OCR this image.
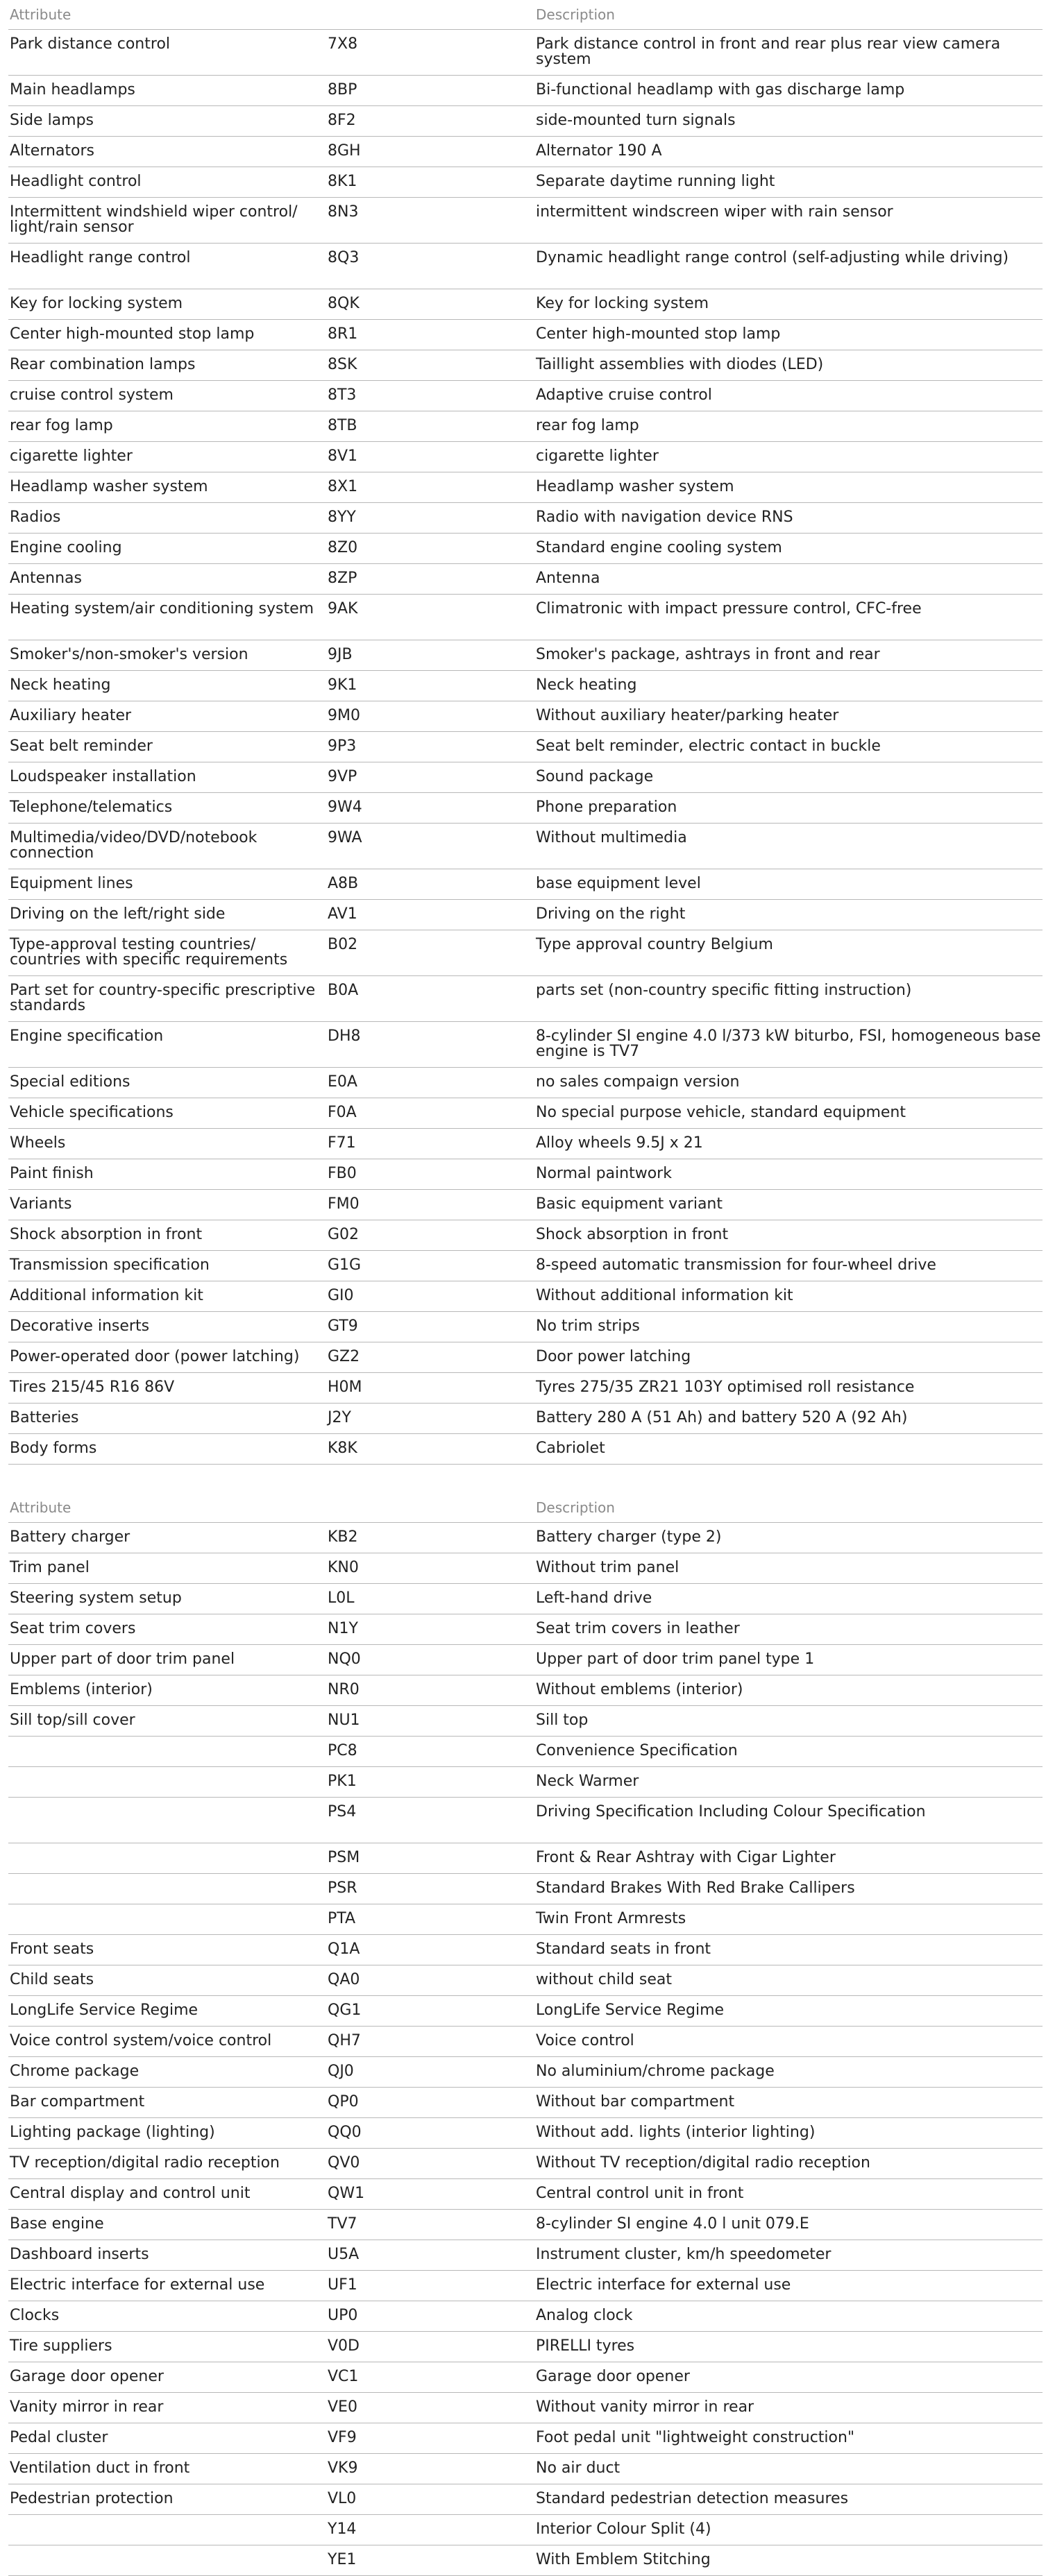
Attribute		Description
Park distance control	7X8	Park distance control in front and rear plus rear view camera system
Main headlamps	8BP	Bi-functional headlamp with gas discharge lamp
Side lamps	8F2	side-mounted turn signals
Alternators	8GH	Alternator 190 A
Headlight control	8K1	Separate daytime running light
Intermittent windshield wiper control/ light/rain sensor	8N3	intermittent windscreen wiper with rain sensor
Headlight range control	8Q3	Dynamic headlight range control (self-adjusting while driving)
Key for locking system	8QK	Key for locking system
Center high-mounted stop lamp	8R1	Center high-mounted stop lamp
Rear combination lamps	8SK	Taillight assemblies with diodes (LED)
cruise control system	8T3	Adaptive cruise control
rear fog lamp	8TB	rear fog lamp
cigarette lighter	8V1	cigarette lighter
Headlamp washer system	8X1	Headlamp washer system
Radios	8YY	Radio with navigation device RNS
Engine cooling	8Z0	Standard engine cooling system
Antennas	8ZP	Antenna
Heating system/air conditioning system	9AK	Climatronic with impact pressure control, CFC-free
Smoker's/non-smoker's version	9JB	Smoker's package, ashtrays in front and rear
Neck heating	9K1	Neck heating
Auxiliary heater	9M0	Without auxiliary heater/parking heater
Seat belt reminder	9P3	Seat belt reminder, electric contact in buckle
Loudspeaker installation	9VP	Sound package
Telephone/telematics	9W4	Phone preparation
Multimedia/video/DVD/notebook connection	9WA	Without multimedia
Equipment lines	A8B	base equipment level
Driving on the left/right side	AV1	Driving on the right
Type-approval testing countries/ countries with specific requirements	B02	Type approval country Belgium
Part set for country-specific prescriptive standards	B0A	parts set (non-country specific fitting instruction)
Engine specification	DH8	8-cylinder SI engine 4.0 l/373 kW biturbo, FSI, homogeneous base engine is TV7
Special editions	E0A	no sales compaign version
Vehicle specifications	F0A	No special purpose vehicle, standard equipment
Wheels	F71	Alloy wheels 9.5J x 21
Paint finish	FB0	Normal paintwork
Variants	FM0	Basic equipment variant
Shock absorption in front	G02	Shock absorption in front
Transmission specification	G1G	8-speed automatic transmission for four-wheel drive
Additional information kit	GI0	Without additional information kit
Decorative inserts	GT9	No trim strips
Power-operated door (power latching)	GZ2	Door power latching
Tires 215/45 R16 86V	H0M	Tyres 275/35 ZR21 103Y optimised roll resistance
Batteries	J2Y	Battery 280 A (51 Ah) and battery 520 A (92 Ah)
Body forms	K8K	Cabriolet
Attribute		Description
Battery charger	KB2	Battery charger (type 2)
Trim panel	KN0	Without trim panel
Steering system setup	L0L	Left-hand drive
Seat trim covers	N1Y	Seat trim covers in leather
Upper part of door trim panel	NQ0	Upper part of door trim panel type 1
Emblems (interior)	NR0	Without emblems (interior)
Sill top/sill cover	NU1	Sill top
	PC8	Convenience Specification
	PK1	Neck Warmer
	PS4	Driving Specification Including Colour Specification
	PSM	Front & Rear Ashtray with Cigar Lighter
	PSR	Standard Brakes With Red Brake Callipers
	PTA	Twin Front Armrests
Front seats	Q1A	Standard seats in front
Child seats	QA0	without child seat
LongLife Service Regime	QG1	LongLife Service Regime
Voice control system/voice control	QH7	Voice control
Chrome package	QJ0	No aluminium/chrome package
Bar compartment	QP0	Without bar compartment
Lighting package (lighting)	QQ0	Without add. lights (interior lighting)
TV reception/digital radio reception	QV0	Without TV reception/digital radio reception
Central display and control unit	QW1	Central control unit in front
Base engine	TV7	8-cylinder SI engine 4.0 l unit 079.E
Dashboard inserts	U5A	Instrument cluster, km/h speedometer
Electric interface for external use	UF1	Electric interface for external use
Clocks	UP0	Analog clock
Tire suppliers	V0D	PIRELLI tyres
Garage door opener	VC1	Garage door opener
Vanity mirror in rear	VE0	Without vanity mirror in rear
Pedal cluster	VF9	Foot pedal unit "lightweight construction"
Ventilation duct in front	VK9	No air duct
Pedestrian protection	VL0	Standard pedestrian detection measures
	Y14	Interior Colour Split (4)
	YE1	With Emblem Stitching
